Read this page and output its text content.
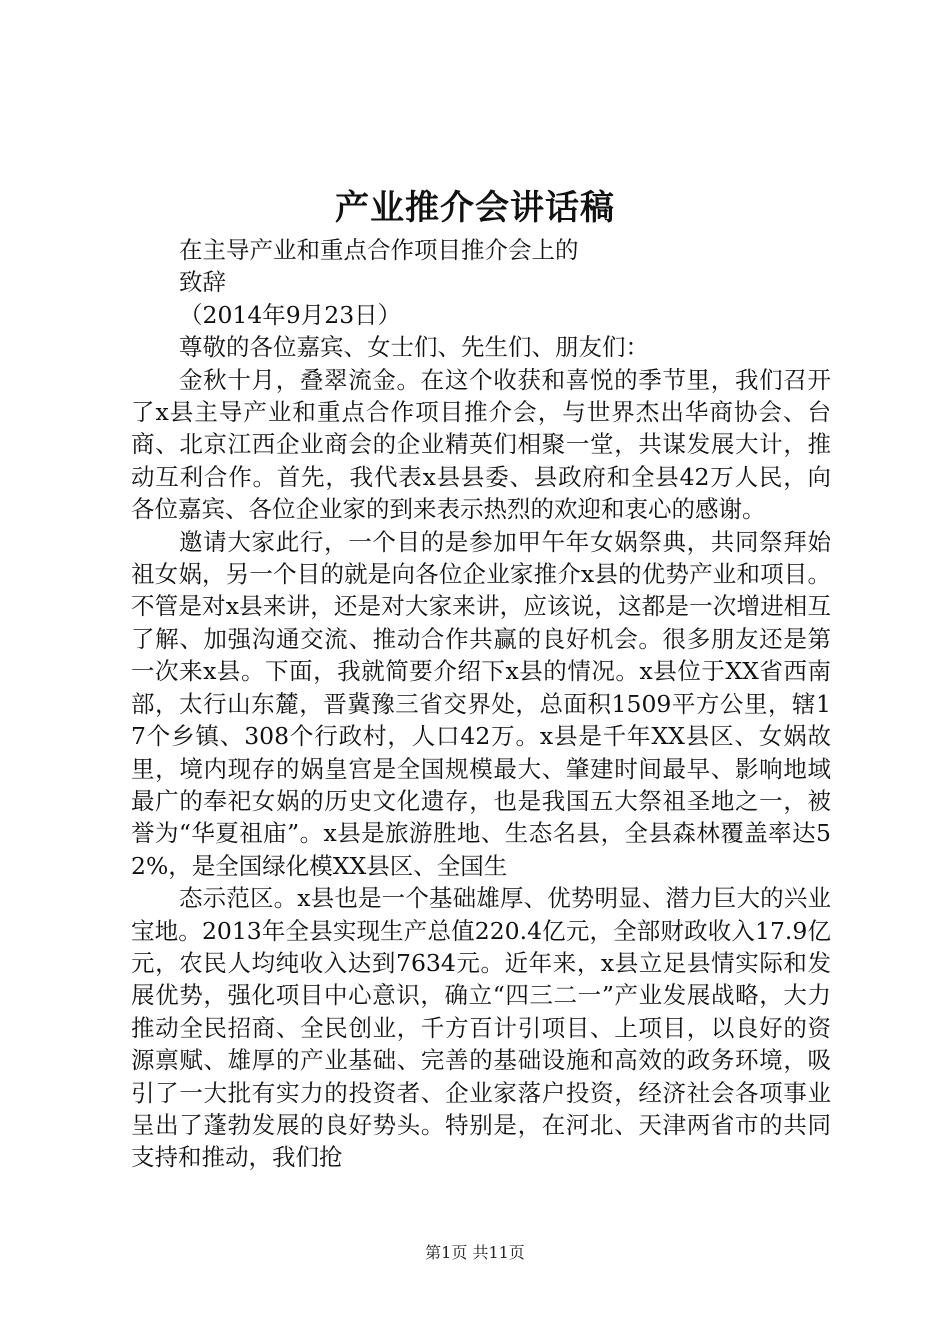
产业推介会讲话稿

在主导产业和重点合作项目推介会上的

致辞

（2014年9月23日）

尊敬的各位嘉宾、女士们、先生们、朋友们：

金秋十月，叠翠流金。在这个收获和喜悦的季节里，我们召开了x县主导产业和重点合作项目推介会，与世界杰出华商协会、台商、北京江西企业商会的企业精英们相聚一堂，共谋发展大计，推动互利合作。首先，我代表x县县委、县政府和全县42万人民，向各位嘉宾、各位企业家的到来表示热烈的欢迎和衷心的感谢。

邀请大家此行，一个目的是参加甲午年女娲祭典，共同祭拜始祖女娲，另一个目的就是向各位企业家推介x县的优势产业和项目。不管是对x县来讲，还是对大家来讲，应该说，这都是一次增进相互了解、加强沟通交流、推动合作共赢的良好机会。很多朋友还是第一次来x县。下面，我就简要介绍下x县的情况。x县位于XX省西南部，太行山东麓，晋冀豫三省交界处，总面积1509平方公里，辖17个乡镇、308个行政村，人口42万。x县是千年XX县区、女娲故里，境内现存的娲皇宫是全国规模最大、肇建时间最早、影响地域最广的奉祀女娲的历史文化遗存，也是我国五大祭祖圣地之一，被誉为“华夏祖庙”。x县是旅游胜地、生态名县，全县森林覆盖率达52%，是全国绿化模XX县区、全国生

态示范区。x县也是一个基础雄厚、优势明显、潜力巨大的兴业宝地。2013年全县实现生产总值220.4亿元，全部财政收入17.9亿元，农民人均纯收入达到7634元。近年来，x县立足县情实际和发展优势，强化项目中心意识，确立“四三二一”产业发展战略，大力推动全民招商、全民创业，千方百计引项目、上项目，以良好的资源禀赋、雄厚的产业基础、完善的基础设施和高效的政务环境，吸引了一大批有实力的投资者、企业家落户投资，经济社会各项事业呈出了蓬勃发展的良好势头。特别是，在河北、天津两省市的共同支持和推动，我们抢

第1页 共11页
